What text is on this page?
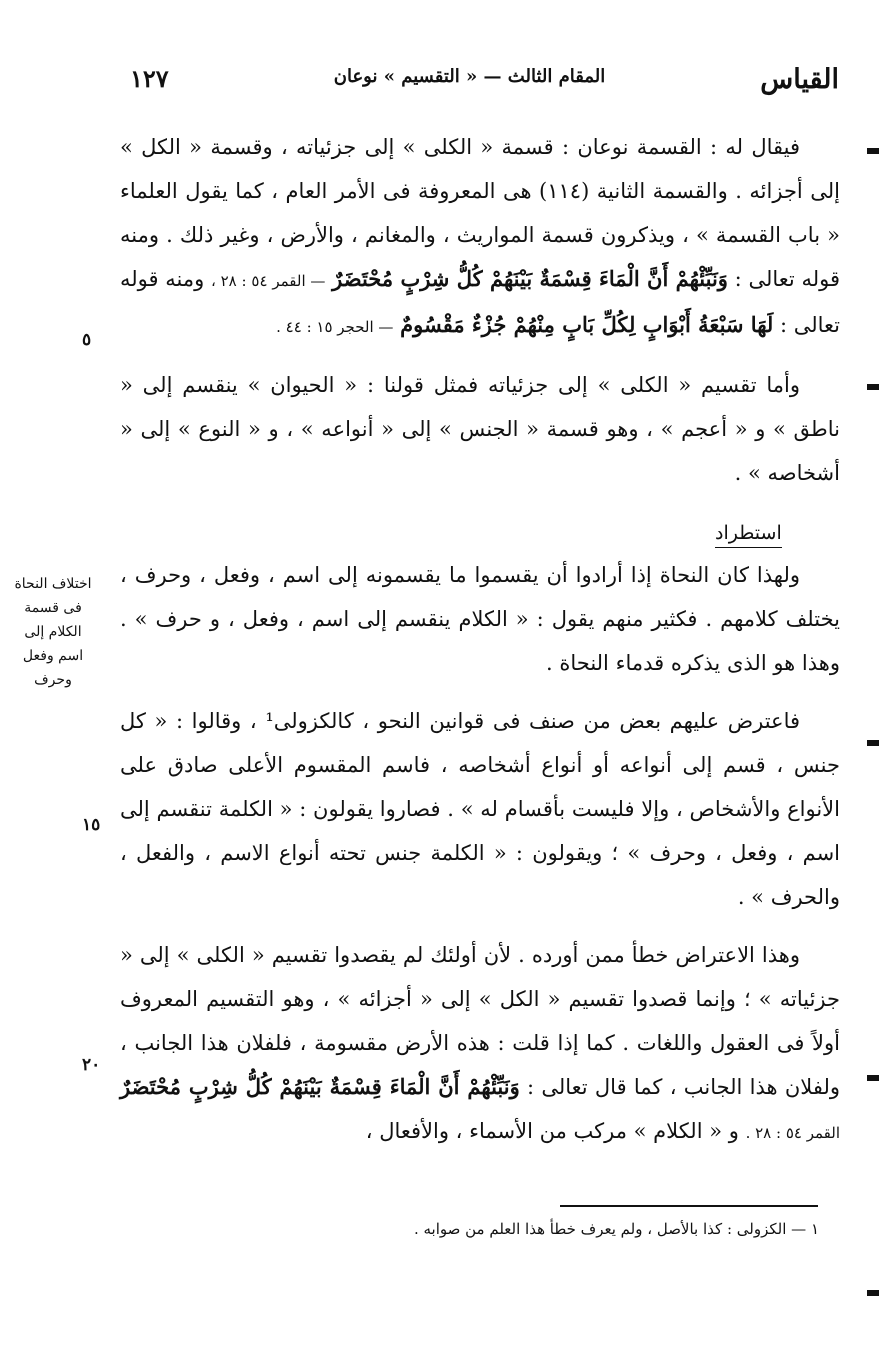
القياس
المقام الثالث — « التقسيم » نوعان
١٢٧

فيقال له : القسمة نوعان : قسمة « الكلى » إلى جزئياته ، وقسمة « الكل » إلى أجزائه . والقسمة الثانية (١١٤) هى المعروفة فى الأمر العام ، كما يقول العلماء « باب القسمة » ، ويذكرون قسمة المواريث ، والمغانم ، والأرض ، وغير ذلك . ومنه قوله تعالى : وَنَبِّئْهُمْ أَنَّ الْمَاءَ قِسْمَةٌ بَيْنَهُمْ كُلُّ شِرْبٍ مُحْتَضَرٌ — القمر ٥٤ : ٢٨ ، ومنه قوله تعالى : لَهَا سَبْعَةُ أَبْوَابٍ لِكُلِّ بَابٍ مِنْهُمْ جُزْءٌ مَقْسُومٌ — الحجر ١٥ : ٤٤ .

وأما تقسيم « الكلى » إلى جزئياته فمثل قولنا : « الحيوان » ينقسم إلى « ناطق » و « أعجم » ، وهو قسمة « الجنس » إلى « أنواعه » ، و « النوع » إلى « أشخاصه » .

ولهذا كان النحاة إذا أرادوا أن يقسموا ما يقسمونه إلى اسم ، وفعل ، وحرف ، يختلف كلامهم . فكثير منهم يقول : « الكلام ينقسم إلى اسم ، وفعل ، و حرف » . وهذا هو الذى يذكره قدماء النحاة .

فاعترض عليهم بعض من صنف فى قوانين النحو ، كالكزولى¹ ، وقالوا : « كل جنس ، قسم إلى أنواعه أو أنواع أشخاصه ، فاسم المقسوم الأعلى صادق على الأنواع والأشخاص ، وإلا فليست بأقسام له » . فصاروا يقولون : « الكلمة تنقسم إلى اسم ، وفعل ، وحرف » ؛ ويقولون : « الكلمة جنس تحته أنواع الاسم ، والفعل ، والحرف » .

وهذا الاعتراض خطأ ممن أورده . لأن أولئك لم يقصدوا تقسيم « الكلى » إلى « جزئياته » ؛ وإنما قصدوا تقسيم « الكل » إلى « أجزائه » ، وهو التقسيم المعروف أولاً فى العقول واللغات . كما إذا قلت : هذه الأرض مقسومة ، فلفلان هذا الجانب ، ولفلان هذا الجانب ، كما قال تعالى : وَنَبِّئْهُمْ أَنَّ الْمَاءَ قِسْمَةٌ بَيْنَهُمْ كُلُّ شِرْبٍ مُحْتَضَرٌ القمر ٥٤ : ٢٨ . و « الكلام » مركب من الأسماء ، والأفعال ،

استطراد
اختلاف النحاة فى قسمة الكلام إلى اسم وفعل وحرف
٥
١٥
٢٠
١ — الكزولى : كذا بالأصل ، ولم يعرف خطأ هذا العلم من صوابه .
